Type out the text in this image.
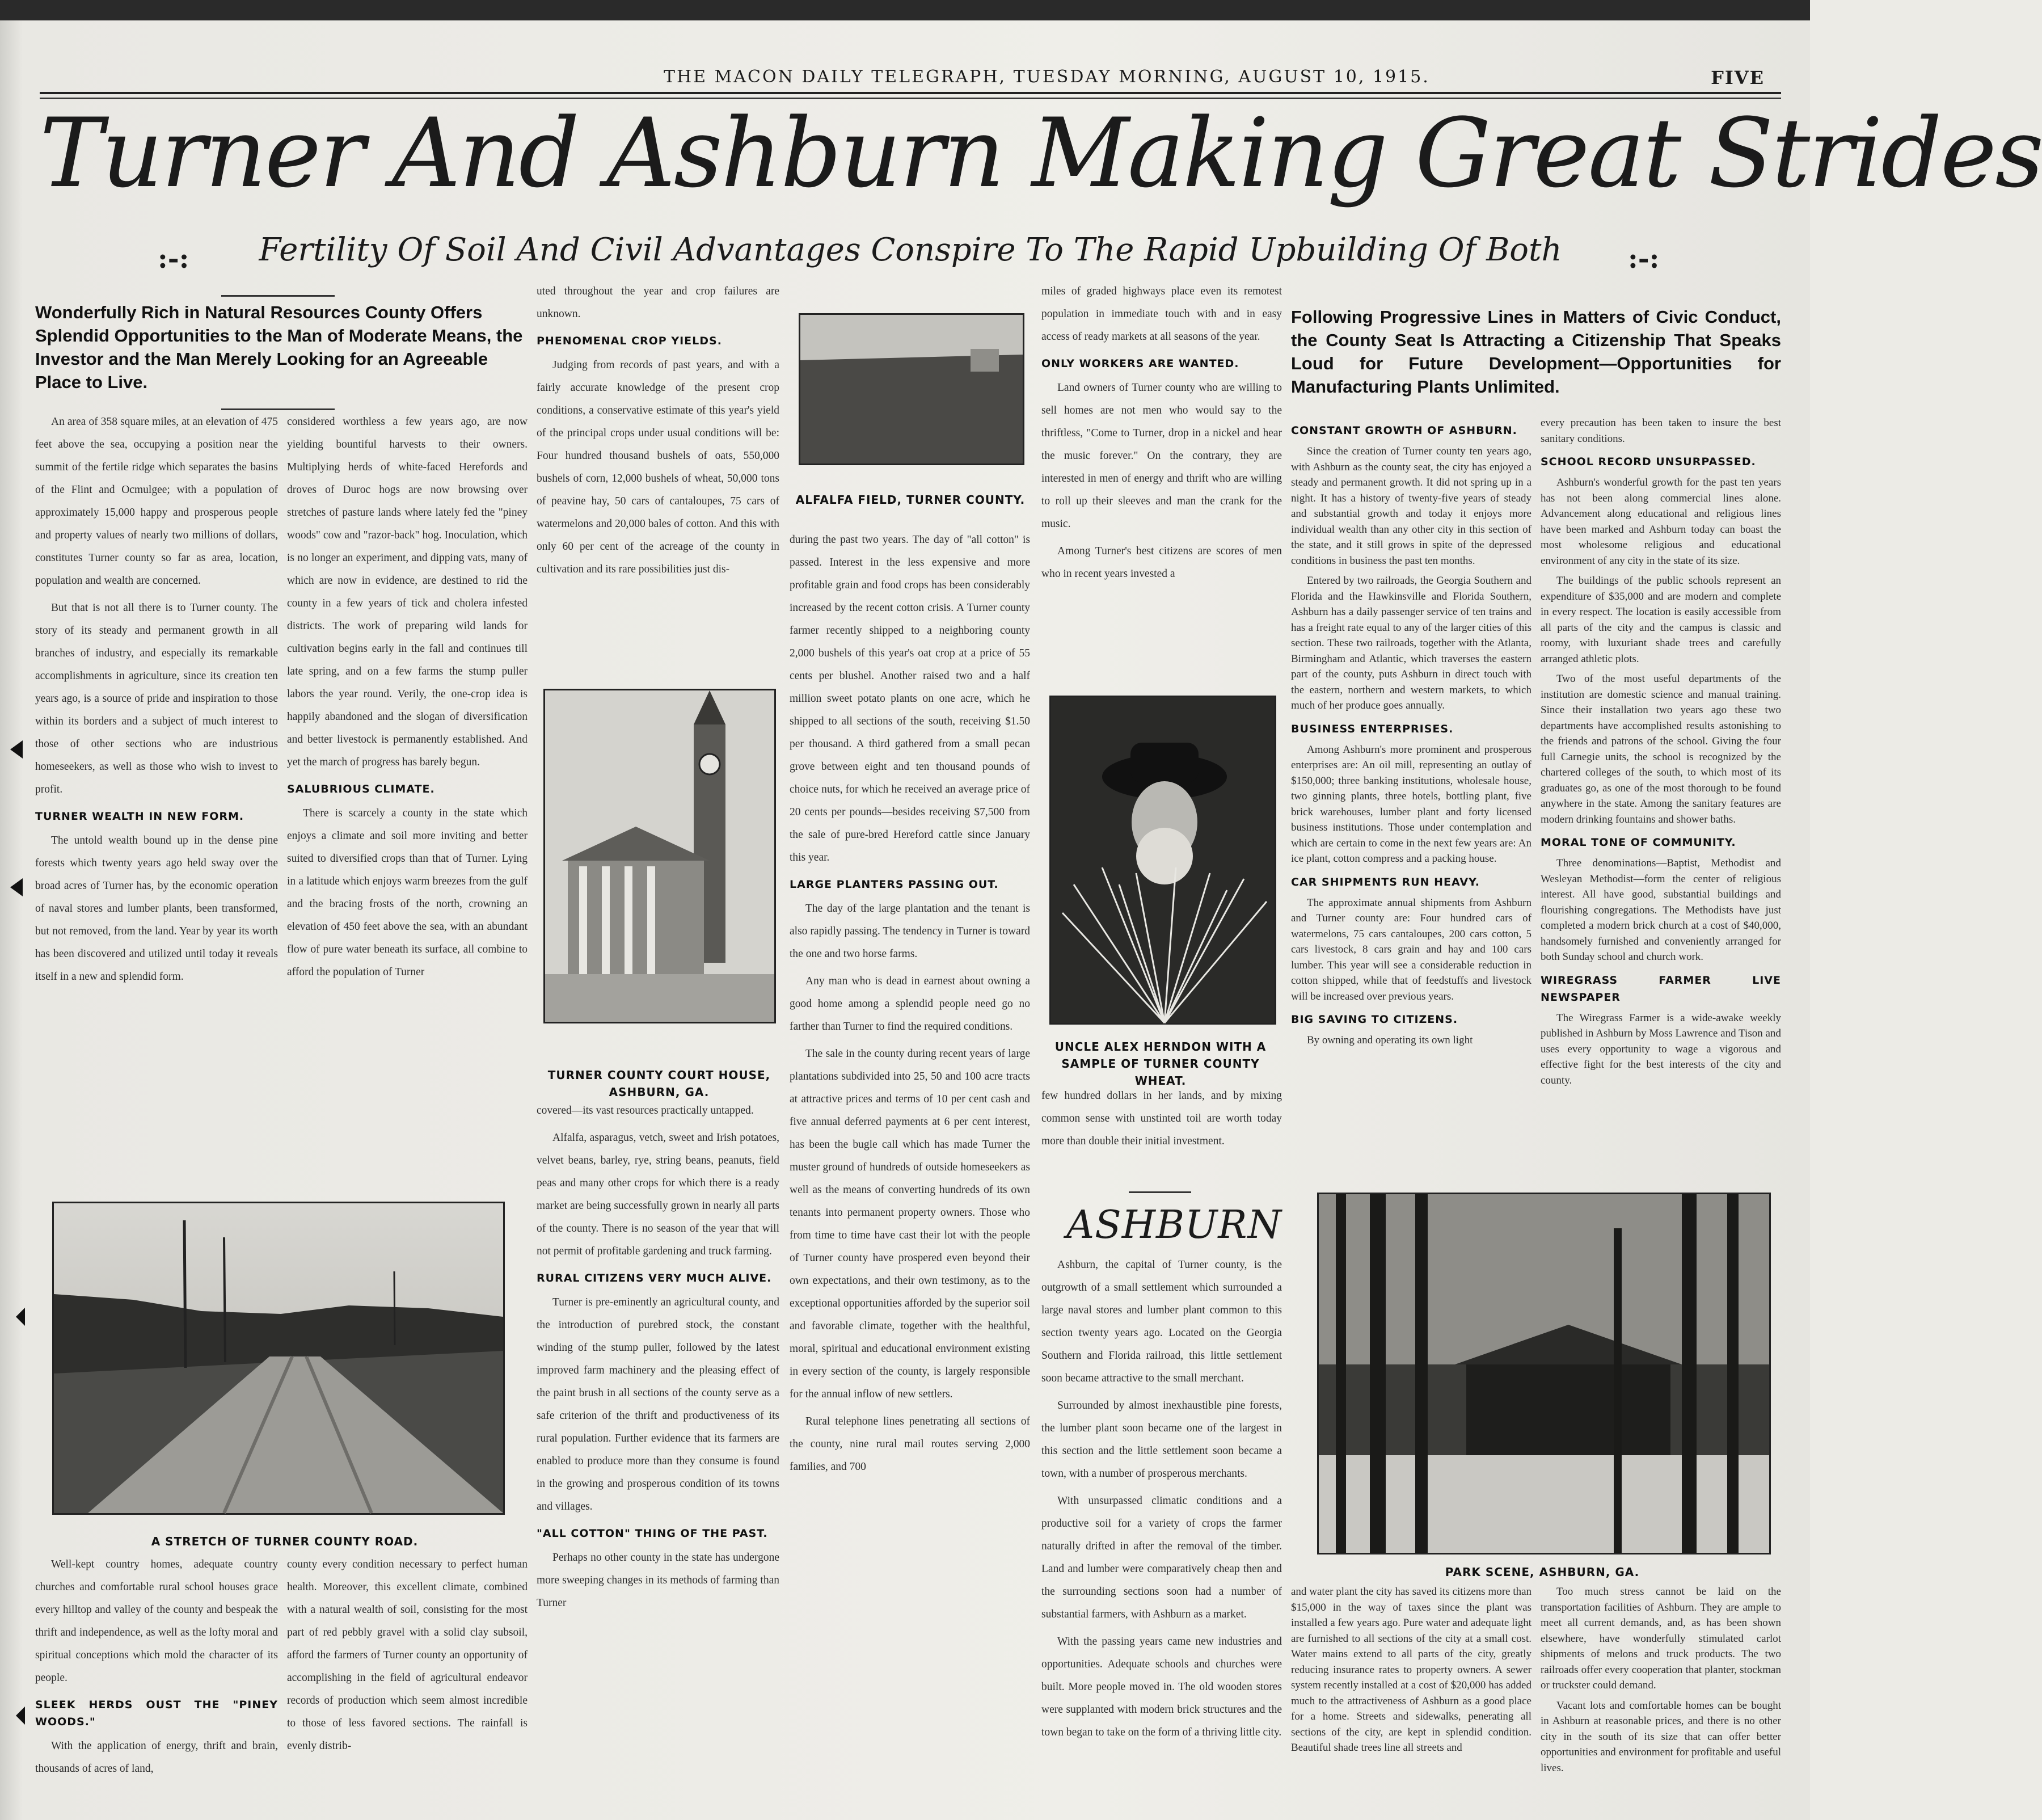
THE MACON DAILY TELEGRAPH, TUESDAY MORNING, AUGUST 10, 1915.	FIVE
Turner And Ashburn Making Great Strides
:-:	Fertility Of Soil And Civil Advantages Conspire To The Rapid Upbuilding Of Both	:-:
Wonderfully Rich in Natural Resources County Offers Splendid Opportunities to the Man of Moderate Means, the Investor and the Man Merely Looking for an Agreeable Place to Live.

An area of 358 square miles, at an elevation of 475 feet above the sea, occupying a position near the summit of the fertile ridge which separates the basins of the Flint and Ocmulgee; with a population of approximately 15,000 happy and prosperous people and property values of nearly two millions of dollars, constitutes Turner county so far as area, location, population and wealth are concerned.

But that is not all there is to Turner county. The story of its steady and permanent growth in all branches of industry, and especially its remarkable accomplishments in agriculture, since its creation ten years ago, is a source of pride and inspiration to those within its borders and a subject of much interest to those of other sections who are industrious homeseekers, as well as those who wish to invest to profit.

TURNER WEALTH IN NEW FORM.

The untold wealth bound up in the dense pine forests which twenty years ago held sway over the broad acres of Turner has, by the economic operation of naval stores and lumber plants, been transformed, but not removed, from the land. Year by year its worth has been discovered and utilized until today it reveals itself in a new and splendid form.

considered worthless a few years ago, are now yielding bountiful harvests to their owners. Multiplying herds of white-faced Herefords and droves of Duroc hogs are now browsing over stretches of pasture lands where lately fed the "piney woods" cow and "razor-back" hog. Inoculation, which is no longer an experiment, and dipping vats, many of which are now in evidence, are destined to rid the county in a few years of tick and cholera infested districts. The work of preparing wild lands for cultivation begins early in the fall and continues till late spring, and on a few farms the stump puller labors the year round. Verily, the one-crop idea is happily abandoned and the slogan of diversification and better livestock is permanently established. And yet the march of progress has barely begun.

SALUBRIOUS CLIMATE.

There is scarcely a county in the state which enjoys a climate and soil more inviting and better suited to diversified crops than that of Turner. Lying in a latitude which enjoys warm breezes from the gulf and the bracing frosts of the north, crowning an elevation of 450 feet above the sea, with an abundant flow of pure water beneath its surface, all combine to afford the population of Turner

A STRETCH OF TURNER COUNTY ROAD.

Well-kept country homes, adequate country churches and comfortable rural school houses grace every hilltop and valley of the county and bespeak the thrift and independence, as well as the lofty moral and spiritual conceptions which mold the character of its people.

SLEEK HERDS OUST THE "PINEY WOODS."

With the application of energy, thrift and brain, thousands of acres of land,

county every condition necessary to perfect human health. Moreover, this excellent climate, combined with a natural wealth of soil, consisting for the most part of red pebbly gravel with a solid clay subsoil, afford the farmers of Turner county an opportunity of accomplishing in the field of agricultural endeavor records of production which seem almost incredible to those of less favored sections. The rainfall is evenly distrib-

uted throughout the year and crop failures are unknown.

PHENOMENAL CROP YIELDS.

Judging from records of past years, and with a fairly accurate knowledge of the present crop conditions, a conservative estimate of this year's yield of the principal crops under usual conditions will be: Four hundred thousand bushels of oats, 550,000 bushels of corn, 12,000 bushels of wheat, 50,000 tons of peavine hay, 50 cars of cantaloupes, 75 cars of watermelons and 20,000 bales of cotton. And this with only 60 per cent of the acreage of the county in cultivation and its rare possibilities just dis-

TURNER COUNTY COURT HOUSE, ASHBURN, GA.

covered—its vast resources practically untapped.

Alfalfa, asparagus, vetch, sweet and Irish potatoes, velvet beans, barley, rye, string beans, peanuts, field peas and many other crops for which there is a ready market are being successfully grown in nearly all parts of the county. There is no season of the year that will not permit of profitable gardening and truck farming.

RURAL CITIZENS VERY MUCH ALIVE.

Turner is pre-eminently an agricultural county, and the introduction of purebred stock, the constant winding of the stump puller, followed by the latest improved farm machinery and the pleasing effect of the paint brush in all sections of the county serve as a safe criterion of the thrift and productiveness of its rural population. Further evidence that its farmers are enabled to produce more than they consume is found in the growing and prosperous condition of its towns and villages.

"ALL COTTON" THING OF THE PAST.

Perhaps no other county in the state has undergone more sweeping changes in its methods of farming than Turner

ALFALFA FIELD, TURNER COUNTY.

during the past two years. The day of "all cotton" is passed. Interest in the less expensive and more profitable grain and food crops has been considerably increased by the recent cotton crisis. A Turner county farmer recently shipped to a neighboring county 2,000 bushels of this year's oat crop at a price of 55 cents per blushel. Another raised two and a half million sweet potato plants on one acre, which he shipped to all sections of the south, receiving $1.50 per thousand. A third gathered from a small pecan grove between eight and ten thousand pounds of choice nuts, for which he received an average price of 20 cents per pounds—besides receiving $7,500 from the sale of pure-bred Hereford cattle since January this year.

LARGE PLANTERS PASSING OUT.

The day of the large plantation and the tenant is also rapidly passing. The tendency in Turner is toward the one and two horse farms.

Any man who is dead in earnest about owning a good home among a splendid people need go no farther than Turner to find the required conditions.

The sale in the county during recent years of large plantations subdivided into 25, 50 and 100 acre tracts at attractive prices and terms of 10 per cent cash and five annual deferred payments at 6 per cent interest, has been the bugle call which has made Turner the muster ground of hundreds of outside homeseekers as well as the means of converting hundreds of its own tenants into permanent property owners. Those who from time to time have cast their lot with the people of Turner county have prospered even beyond their own expectations, and their own testimony, as to the exceptional opportunities afforded by the superior soil and favorable climate, together with the healthful, moral, spiritual and educational environment existing in every section of the county, is largely responsible for the annual inflow of new settlers.

Rural telephone lines penetrating all sections of the county, nine rural mail routes serving 2,000 families, and 700

miles of graded highways place even its remotest population in immediate touch with and in easy access of ready markets at all seasons of the year.

ONLY WORKERS ARE WANTED.

Land owners of Turner county who are willing to sell homes are not men who would say to the thriftless, "Come to Turner, drop in a nickel and hear the music forever." On the contrary, they are interested in men of energy and thrift who are willing to roll up their sleeves and man the crank for the music.

Among Turner's best citizens are scores of men who in recent years invested a

UNCLE ALEX HERNDON WITH A SAMPLE OF TURNER COUNTY WHEAT.

few hundred dollars in her lands, and by mixing common sense with unstinted toil are worth today more than double their initial investment.

ASHBURN

Ashburn, the capital of Turner county, is the outgrowth of a small settlement which surrounded a large naval stores and lumber plant common to this section twenty years ago. Located on the Georgia Southern and Florida railroad, this little settlement soon became attractive to the small merchant.

Surrounded by almost inexhaustible pine forests, the lumber plant soon became one of the largest in this section and the little settlement soon became a town, with a number of prosperous merchants.

With unsurpassed climatic conditions and a productive soil for a variety of crops the farmer naturally drifted in after the removal of the timber. Land and lumber were comparatively cheap then and the surrounding sections soon had a number of substantial farmers, with Ashburn as a market.

With the passing years came new industries and opportunities. Adequate schools and churches were built. More people moved in. The old wooden stores were supplanted with modern brick structures and the town began to take on the form of a thriving little city.

Following Progressive Lines in Matters of Civic Conduct, the County Seat Is Attracting a Citizenship That Speaks Loud for Future Development—Opportunities for Manufacturing Plants Unlimited.
CONSTANT GROWTH OF ASHBURN.

Since the creation of Turner county ten years ago, with Ashburn as the county seat, the city has enjoyed a steady and permanent growth. It did not spring up in a night. It has a history of twenty-five years of steady and substantial growth and today it enjoys more individual wealth than any other city in this section of the state, and it still grows in spite of the depressed conditions in business the past ten months.

Entered by two railroads, the Georgia Southern and Florida and the Hawkinsville and Florida Southern, Ashburn has a daily passenger service of ten trains and has a freight rate equal to any of the larger cities of this section. These two railroads, together with the Atlanta, Birmingham and Atlantic, which traverses the eastern part of the county, puts Ashburn in direct touch with the eastern, northern and western markets, to which much of her produce goes annually.

BUSINESS ENTERPRISES.

Among Ashburn's more prominent and prosperous enterprises are: An oil mill, representing an outlay of $150,000; three banking institutions, wholesale house, two ginning plants, three hotels, bottling plant, five brick warehouses, lumber plant and forty licensed business institutions. Those under contemplation and which are certain to come in the next few years are: An ice plant, cotton compress and a packing house.

CAR SHIPMENTS RUN HEAVY.

The approximate annual shipments from Ashburn and Turner county are: Four hundred cars of watermelons, 75 cars cantaloupes, 200 cars cotton, 5 cars livestock, 8 cars grain and hay and 100 cars lumber. This year will see a considerable reduction in cotton shipped, while that of feedstuffs and livestock will be increased over previous years.

BIG SAVING TO CITIZENS.

By owning and operating its own light

every precaution has been taken to insure the best sanitary conditions.

SCHOOL RECORD UNSURPASSED.

Ashburn's wonderful growth for the past ten years has not been along commercial lines alone. Advancement along educational and religious lines have been marked and Ashburn today can boast the most wholesome religious and educational environment of any city in the state of its size.

The buildings of the public schools represent an expenditure of $35,000 and are modern and complete in every respect. The location is easily accessible from all parts of the city and the campus is classic and roomy, with luxuriant shade trees and carefully arranged athletic plots.

Two of the most useful departments of the institution are domestic science and manual training. Since their installation two years ago these two departments have accomplished results astonishing to the friends and patrons of the school. Giving the four full Carnegie units, the school is recognized by the chartered colleges of the south, to which most of its graduates go, as one of the most thorough to be found anywhere in the state. Among the sanitary features are modern drinking fountains and shower baths.

MORAL TONE OF COMMUNITY.

Three denominations—Baptist, Methodist and Wesleyan Methodist—form the center of religious interest. All have good, substantial buildings and flourishing congregations. The Methodists have just completed a modern brick church at a cost of $40,000, handsomely furnished and conveniently arranged for both Sunday school and church work.

WIREGRASS FARMER LIVE NEWSPAPER

The Wiregrass Farmer is a wide-awake weekly published in Ashburn by Moss Lawrence and Tison and uses every opportunity to wage a vigorous and effective fight for the best interests of the city and county.

PARK SCENE, ASHBURN, GA.

and water plant the city has saved its citizens more than $15,000 in the way of taxes since the plant was installed a few years ago. Pure water and adequate light are furnished to all sections of the city at a small cost. Water mains extend to all parts of the city, greatly reducing insurance rates to property owners. A sewer system recently installed at a cost of $20,000 has added much to the attractiveness of Ashburn as a good place for a home. Streets and sidewalks, penerating all sections of the city, are kept in splendid condition. Beautiful shade trees line all streets and

Too much stress cannot be laid on the transportation facilities of Ashburn. They are ample to meet all current demands, and, as has been shown elsewhere, have wonderfully stimulated carlot shipments of melons and truck products. The two railroads offer every cooperation that planter, stockman or truckster could demand.

Vacant lots and comfortable homes can be bought in Ashburn at reasonable prices, and there is no other city in the south of its size that can offer better opportunities and environment for profitable and useful lives.
